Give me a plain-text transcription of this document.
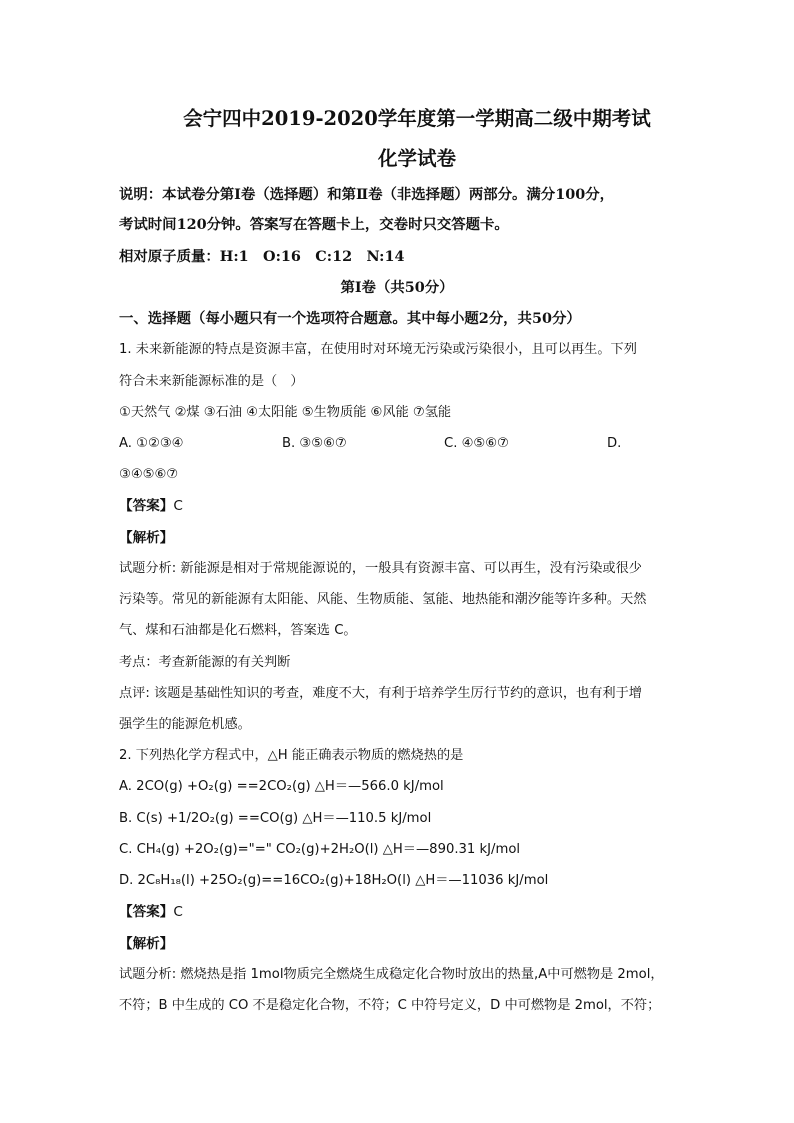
会宁四中2019-2020学年度第一学期高二级中期考试
化学试卷
说明：本试卷分第Ⅰ卷（选择题）和第Ⅱ卷（非选择题）两部分。满分100分，
考试时间120分钟。答案写在答题卡上，交卷时只交答题卡。
相对原子质量：H:1　O:16　C:12　N:14
第Ⅰ卷（共50分）
一、选择题（每小题只有一个选项符合题意。其中每小题2分，共50分）
1. 未来新能源的特点是资源丰富，在使用时对环境无污染或污染很小，且可以再生。下列
符合未来新能源标准的是（　）
①天然气 ②煤 ③石油 ④太阳能 ⑤生物质能 ⑥风能 ⑦氢能
A. ①②③④	B. ③⑤⑥⑦	C. ④⑤⑥⑦	D.
③④⑤⑥⑦
【答案】C
【解析】
试题分析: 新能源是相对于常规能源说的，一般具有资源丰富、可以再生，没有污染或很少
污染等。常见的新能源有太阳能、风能、生物质能、氢能、地热能和潮汐能等许多种。天然
气、煤和石油都是化石燃料，答案选 C。
考点：考查新能源的有关判断
点评: 该题是基础性知识的考查，难度不大，有利于培养学生厉行节约的意识，也有利于增
强学生的能源危机感。
2. 下列热化学方程式中，△H 能正确表示物质的燃烧热的是
A. 2CO(g) +O₂(g) ==2CO₂(g) △H＝—566.0 kJ/mol
B. C(s) +1/2O₂(g) ==CO(g) △H＝—110.5 kJ/mol
C. CH₄(g) +2O₂(g)="=" CO₂(g)+2H₂O(l) △H＝—890.31 kJ/mol
D. 2C₈H₁₈(l) +25O₂(g)==16CO₂(g)+18H₂O(l) △H＝—11036 kJ/mol
【答案】C
【解析】
试题分析: 燃烧热是指 1mol物质完全燃烧生成稳定化合物时放出的热量,A中可燃物是 2mol，
不符；B 中生成的 CO 不是稳定化合物，不符；C 中符号定义，D 中可燃物是 2mol，不符；
